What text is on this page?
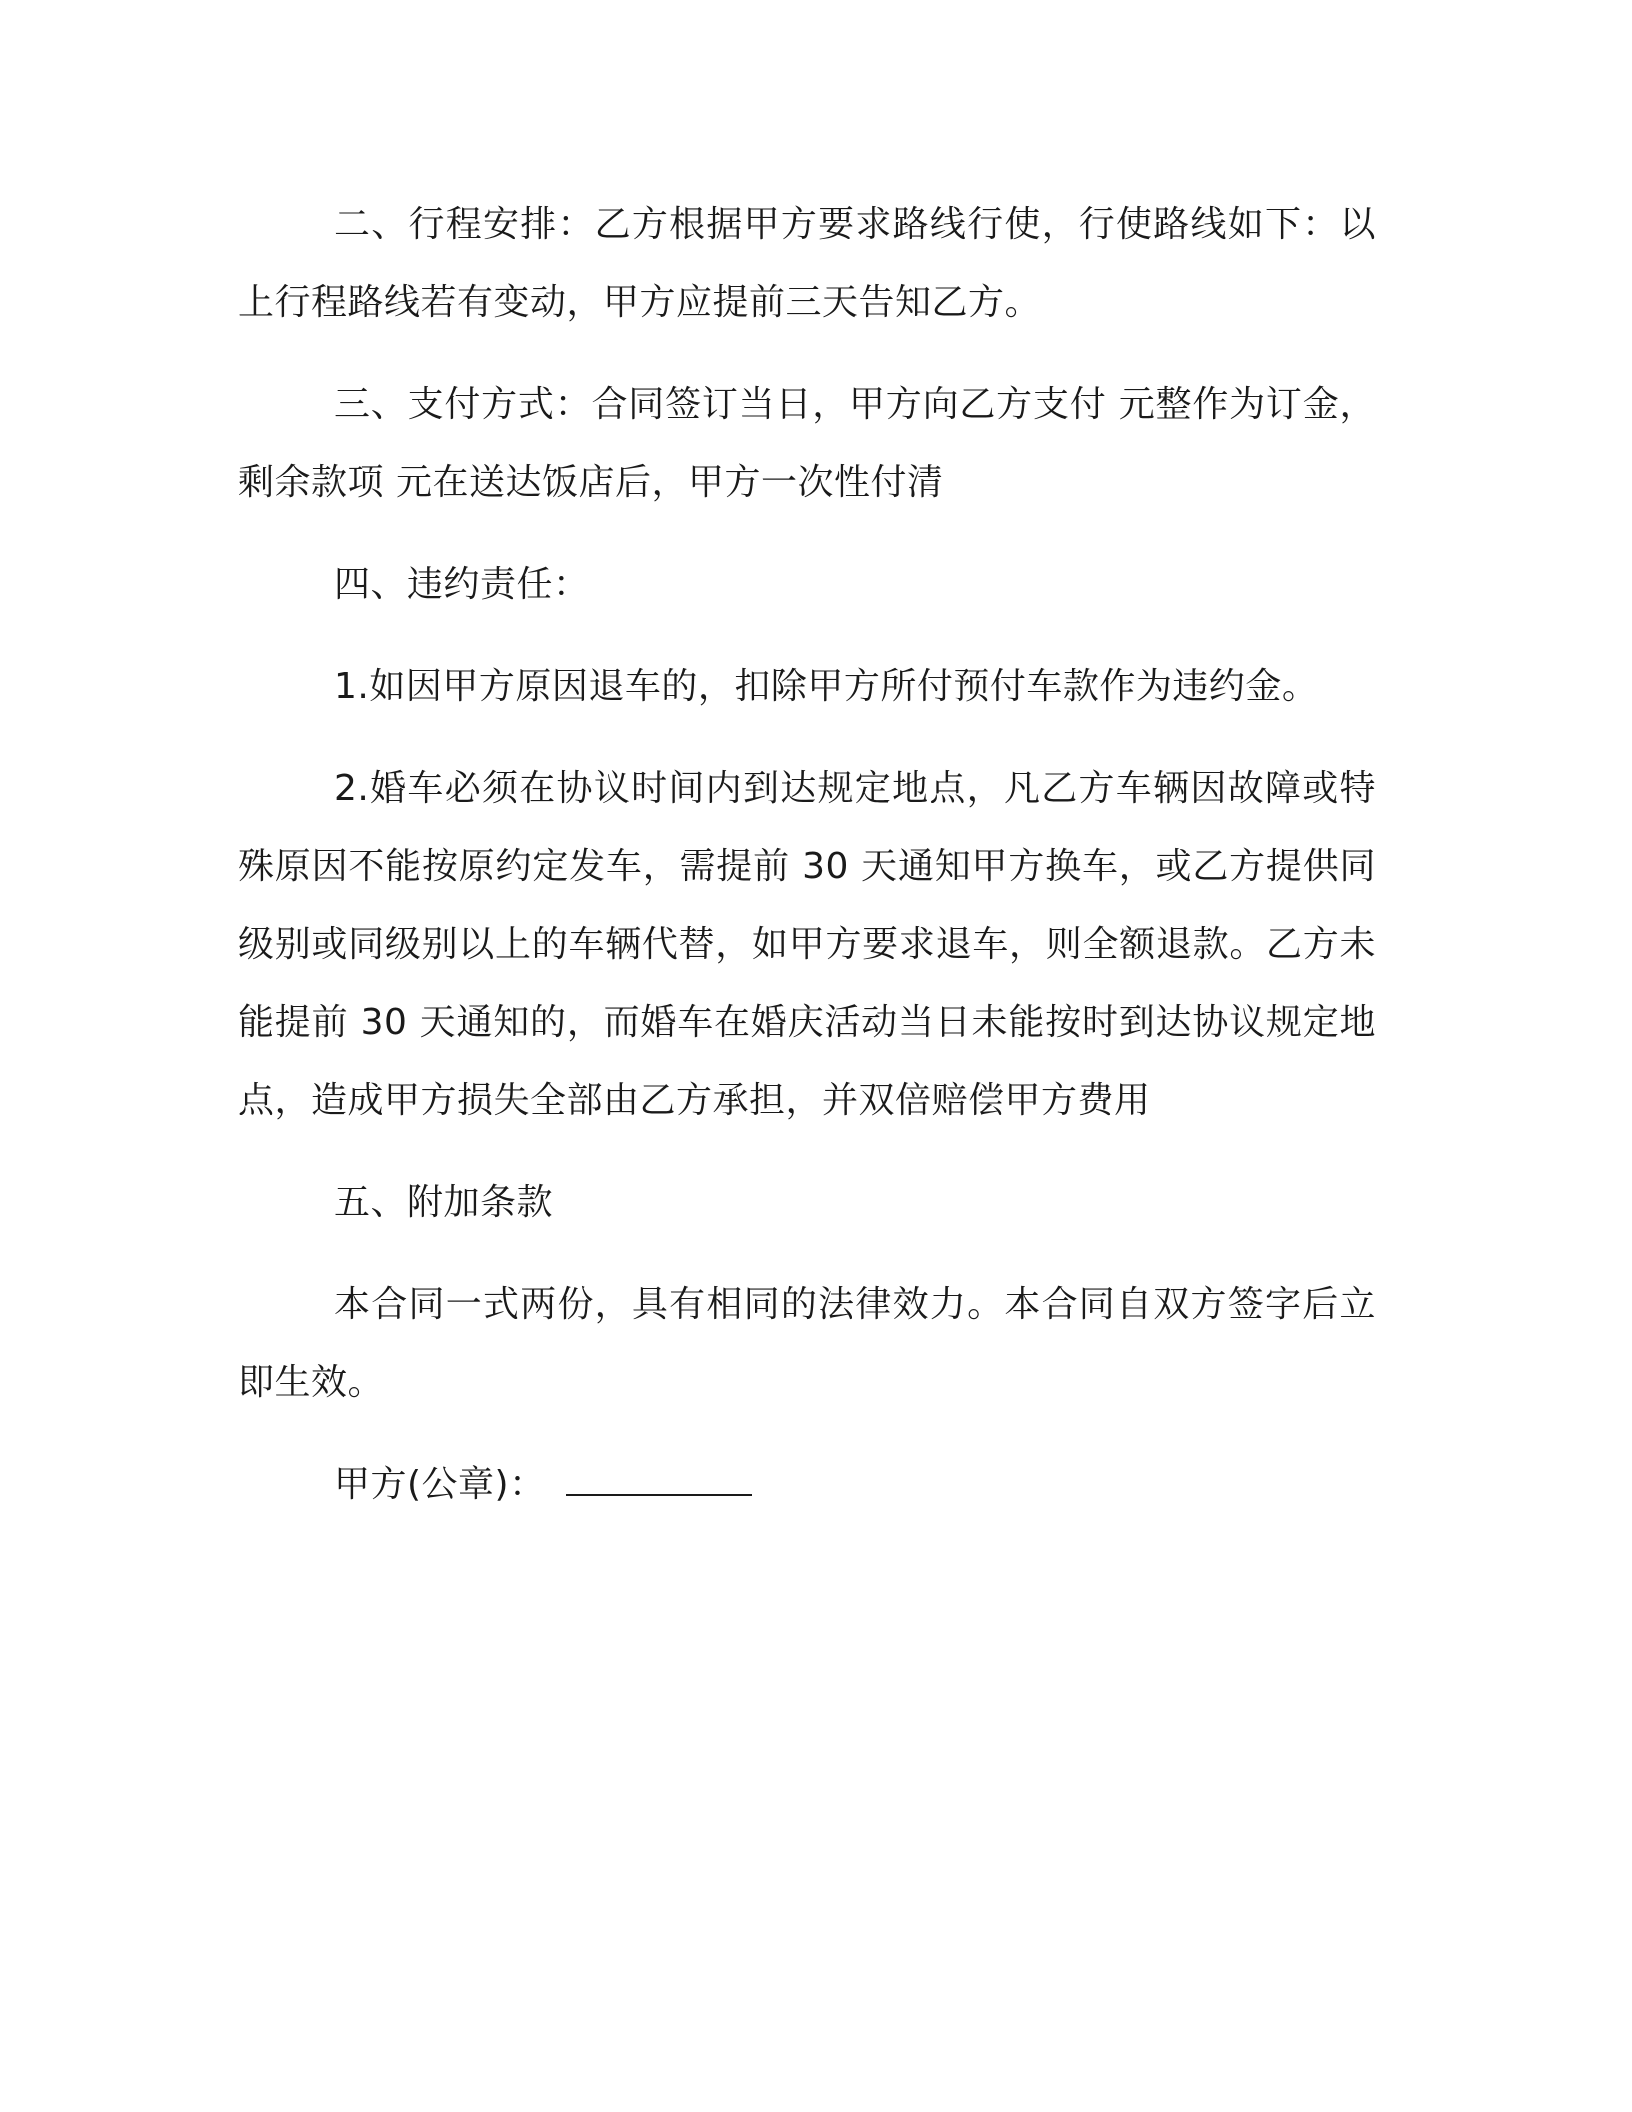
二、行程安排：乙方根据甲方要求路线行使，行使路线如下：以上行程路线若有变动，甲方应提前三天告知乙方。

三、支付方式：合同签订当日，甲方向乙方支付 元整作为订金，剩余款项 元在送达饭店后，甲方一次性付清

四、违约责任：

1.如因甲方原因退车的，扣除甲方所付预付车款作为违约金。

2.婚车必须在协议时间内到达规定地点，凡乙方车辆因故障或特殊原因不能按原约定发车，需提前 30 天通知甲方换车，或乙方提供同级别或同级别以上的车辆代替，如甲方要求退车，则全额退款。乙方未能提前 30 天通知的，而婚车在婚庆活动当日未能按时到达协议规定地点，造成甲方损失全部由乙方承担，并双倍赔偿甲方费用

五、附加条款

本合同一式两份，具有相同的法律效力。本合同自双方签字后立即生效。

甲方(公章)：
